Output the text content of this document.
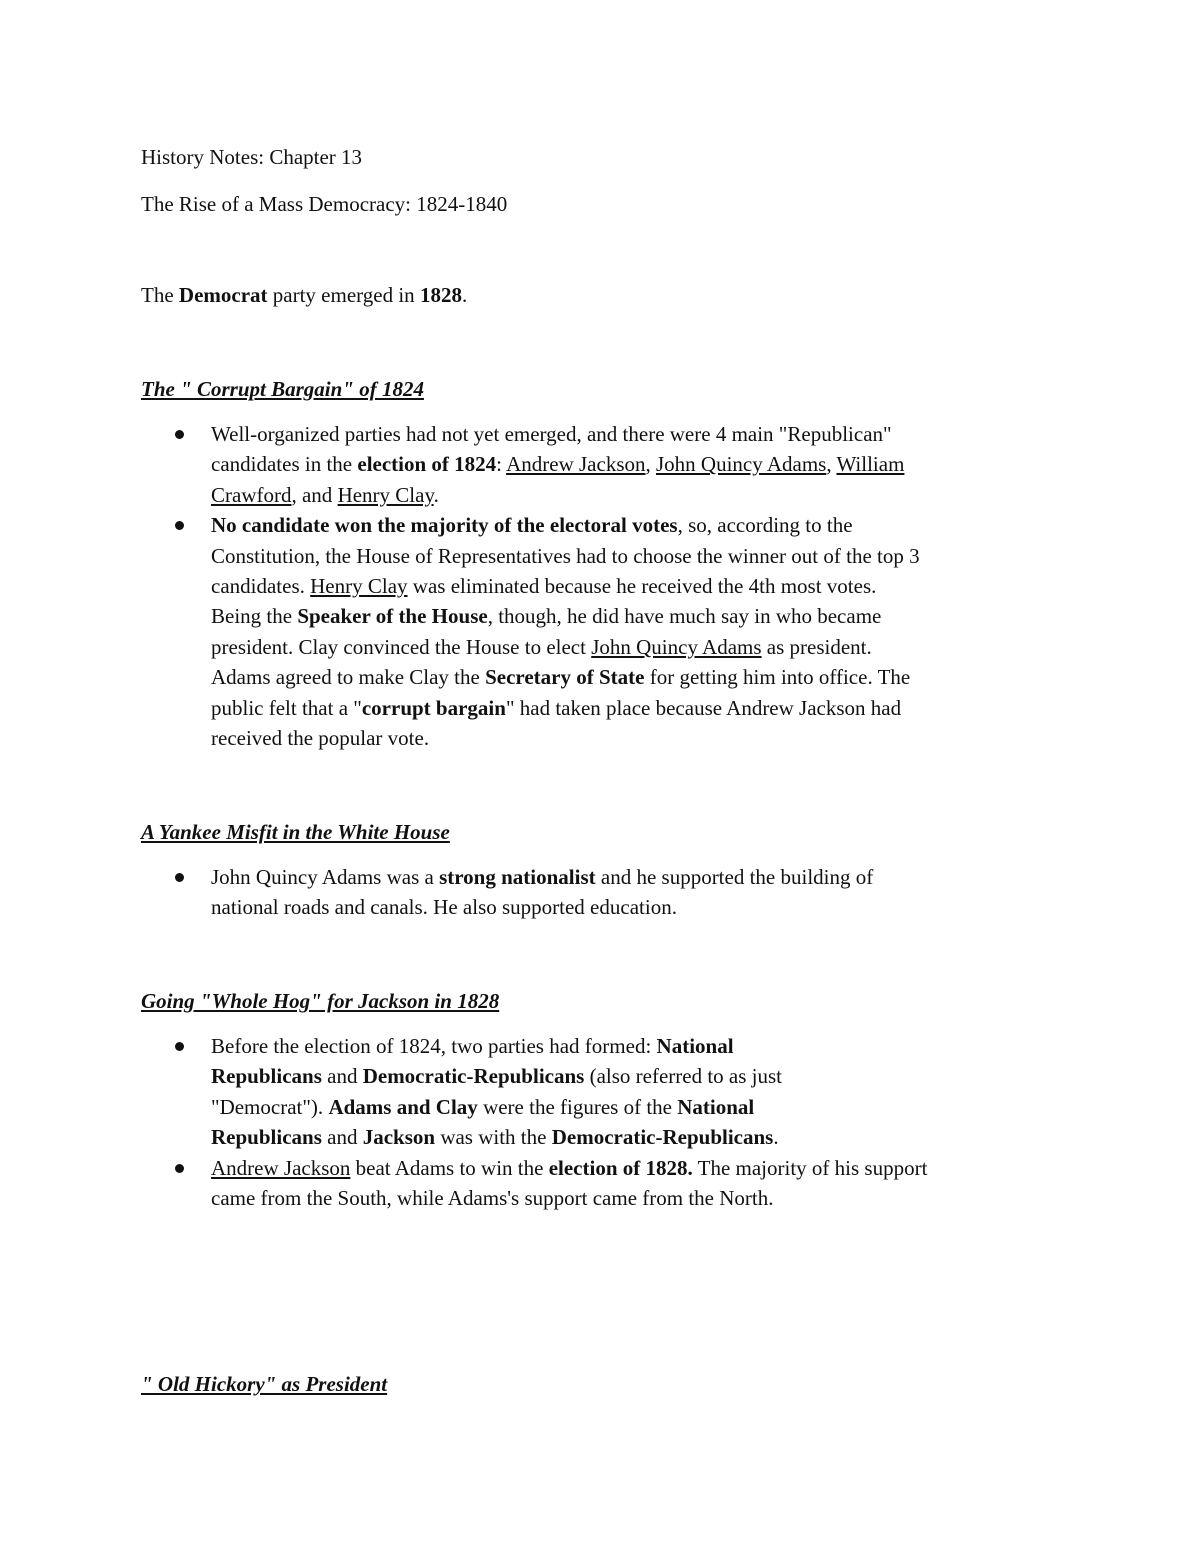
History Notes: Chapter 13
The Rise of a Mass Democracy: 1824-1840
The Democrat party emerged in 1828.
The " Corrupt Bargain" of 1824
Well-organized parties had not yet emerged, and there were 4 main "Republican"
candidates in the election of 1824: Andrew Jackson, John Quincy Adams, William
Crawford, and Henry Clay.
No candidate won the majority of the electoral votes, so, according to the
Constitution, the House of Representatives had to choose the winner out of the top 3
candidates. Henry Clay was eliminated because he received the 4th most votes.
Being the Speaker of the House, though, he did have much say in who became
president. Clay convinced the House to elect John Quincy Adams as president.
Adams agreed to make Clay the Secretary of State for getting him into office. The
public felt that a "corrupt bargain" had taken place because Andrew Jackson had
received the popular vote.
A Yankee Misfit in the White House
John Quincy Adams was a strong nationalist and he supported the building of
national roads and canals. He also supported education.
Going "Whole Hog" for Jackson in 1828
Before the election of 1824, two parties had formed: National
Republicans and Democratic-Republicans (also referred to as just
"Democrat"). Adams and Clay were the figures of the National
Republicans and Jackson was with the Democratic-Republicans.
Andrew Jackson beat Adams to win the election of 1828. The majority of his support
came from the South, while Adams's support came from the North.
" Old Hickory" as President
